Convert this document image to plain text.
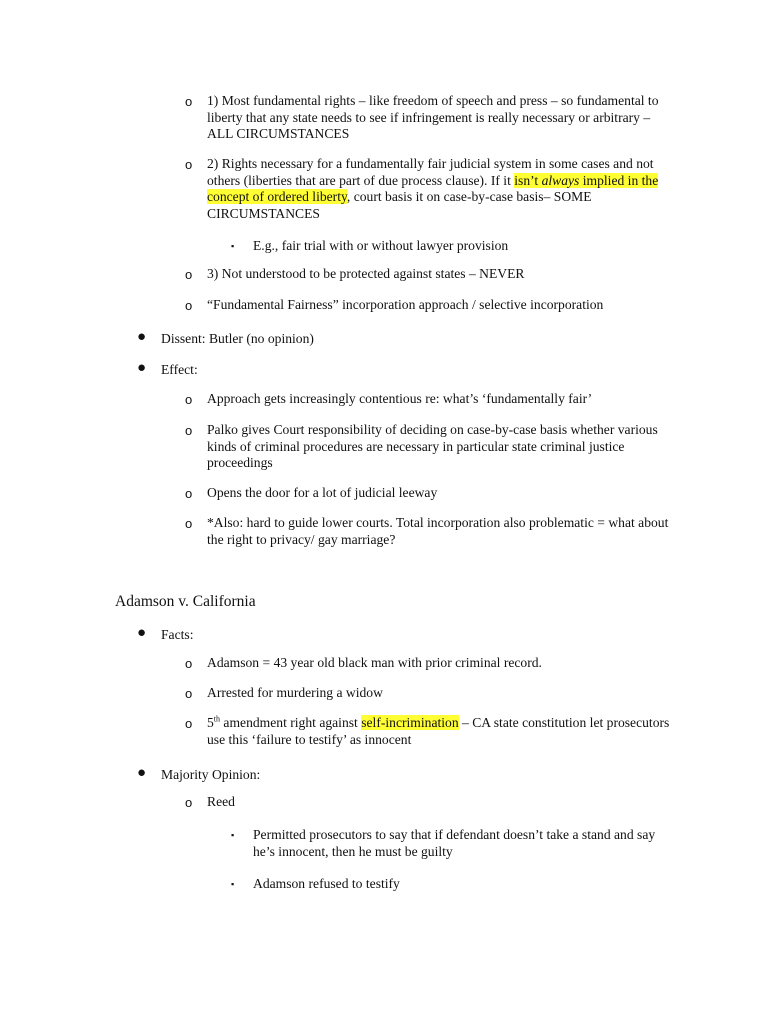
o 1) Most fundamental rights – like freedom of speech and press – so fundamental to liberty that any state needs to see if infringement is really necessary or arbitrary – ALL CIRCUMSTANCES
o 2) Rights necessary for a fundamentally fair judicial system in some cases and not others (liberties that are part of due process clause). If it isn’t always implied in the concept of ordered liberty, court basis it on case-by-case basis– SOME CIRCUMSTANCES
▪ E.g., fair trial with or without lawyer provision
o 3) Not understood to be protected against states – NEVER
o “Fundamental Fairness” incorporation approach / selective incorporation
● Dissent: Butler (no opinion)
● Effect:
o Approach gets increasingly contentious re: what’s ‘fundamentally fair’
o Palko gives Court responsibility of deciding on case-by-case basis whether various kinds of criminal procedures are necessary in particular state criminal justice proceedings
o Opens the door for a lot of judicial leeway
o *Also: hard to guide lower courts. Total incorporation also problematic = what about the right to privacy/ gay marriage?
Adamson v. California
● Facts:
o Adamson = 43 year old black man with prior criminal record.
o Arrested for murdering a widow
o 5th amendment right against self-incrimination – CA state constitution let prosecutors use this ‘failure to testify’ as innocent
● Majority Opinion:
o Reed
▪ Permitted prosecutors to say that if defendant doesn’t take a stand and say he’s innocent, then he must be guilty
▪ Adamson refused to testify
